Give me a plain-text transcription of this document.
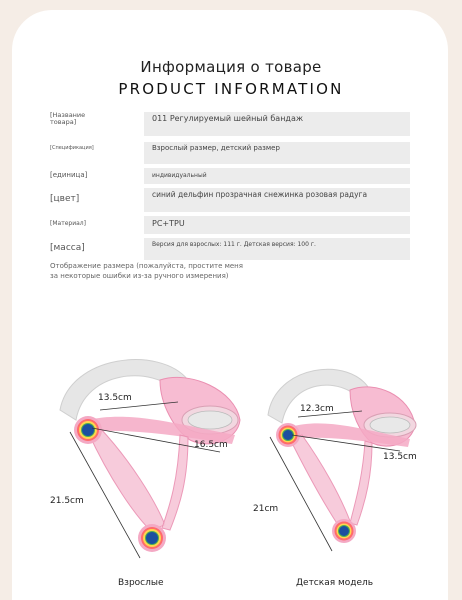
Информация о товаре
PRODUCT INFORMATION
[Название товара]	011 Регулируемый шейный бандаж
[Спецификация]	Взрослый размер, детский размер
[единица]	индивидуальный
[цвет]	синий дельфин прозрачная снежинка розовая радуга
[Материал]	PC+TPU
[масса]	Версия для взрослых: 111 г. Детская версия: 100 г.
Отображение размера (пожалуйста, простите меня за некоторые ошибки из-за ручного измерения)
13.5cm
16.5cm
21.5cm
Взрослые
12.3cm
13.5cm
21cm
Детская модель
